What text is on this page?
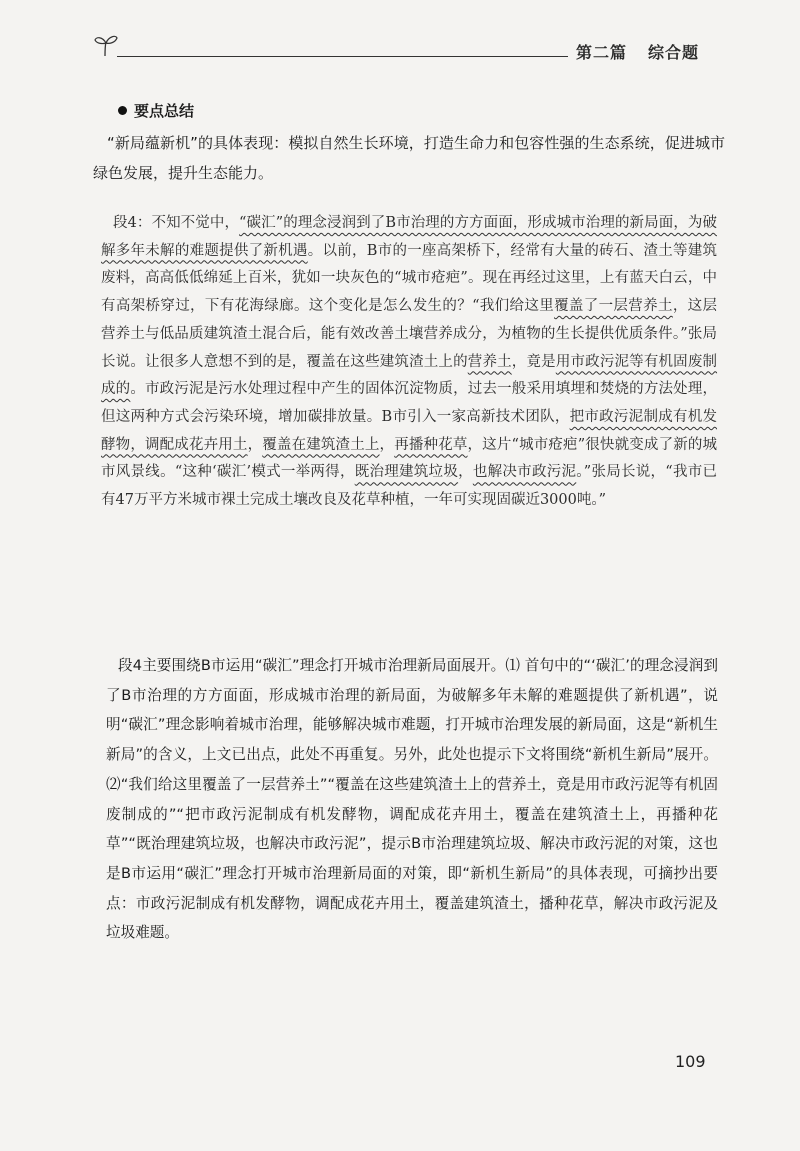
第二篇 综合题
要点总结

“新局蕴新机”的具体表现：模拟自然生长环境，打造生命力和包容性强的生态系统，促进城市绿色发展，提升生态能力。

段4：不知不觉中，“碳汇”的理念浸润到了B市治理的方方面面，形成城市治理的新局面，为破解多年未解的难题提供了新机遇。以前，B市的一座高架桥下，经常有大量的砖石、渣土等建筑废料，高高低低绵延上百米，犹如一块灰色的“城市疮疤”。现在再经过这里，上有蓝天白云，中有高架桥穿过，下有花海绿廊。这个变化是怎么发生的？“我们给这里覆盖了一层营养土，这层营养土与低品质建筑渣土混合后，能有效改善土壤营养成分，为植物的生长提供优质条件。”张局长说。让很多人意想不到的是，覆盖在这些建筑渣土上的营养土，竟是用市政污泥等有机固废制成的。市政污泥是污水处理过程中产生的固体沉淀物质，过去一般采用填埋和焚烧的方法处理，但这两种方式会污染环境，增加碳排放量。B市引入一家高新技术团队，把市政污泥制成有机发酵物，调配成花卉用土，覆盖在建筑渣土上，再播种花草，这片“城市疮疤”很快就变成了新的城市风景线。“这种‘碳汇’模式一举两得，既治理建筑垃圾，也解决市政污泥。”张局长说，“我市已有47万平方米城市裸土完成土壤改良及花草种植，一年可实现固碳近3000吨。”

段4主要围绕B市运用“碳汇”理念打开城市治理新局面展开。⑴ 首句中的“‘碳汇’的理念浸润到了B市治理的方方面面，形成城市治理的新局面，为破解多年未解的难题提供了新机遇”，说明“碳汇”理念影响着城市治理，能够解决城市难题，打开城市治理发展的新局面，这是“新机生新局”的含义，上文已出点，此处不再重复。另外，此处也提示下文将围绕“新机生新局”展开。⑵“我们给这里覆盖了一层营养土”“覆盖在这些建筑渣土上的营养土，竟是用市政污泥等有机固废制成的”“把市政污泥制成有机发酵物，调配成花卉用土，覆盖在建筑渣土上，再播种花草”“既治理建筑垃圾，也解决市政污泥”，提示B市治理建筑垃圾、解决市政污泥的对策，这也是B市运用“碳汇”理念打开城市治理新局面的对策，即“新机生新局”的具体表现，可摘抄出要点：市政污泥制成有机发酵物，调配成花卉用土，覆盖建筑渣土，播种花草，解决市政污泥及垃圾难题。

109
